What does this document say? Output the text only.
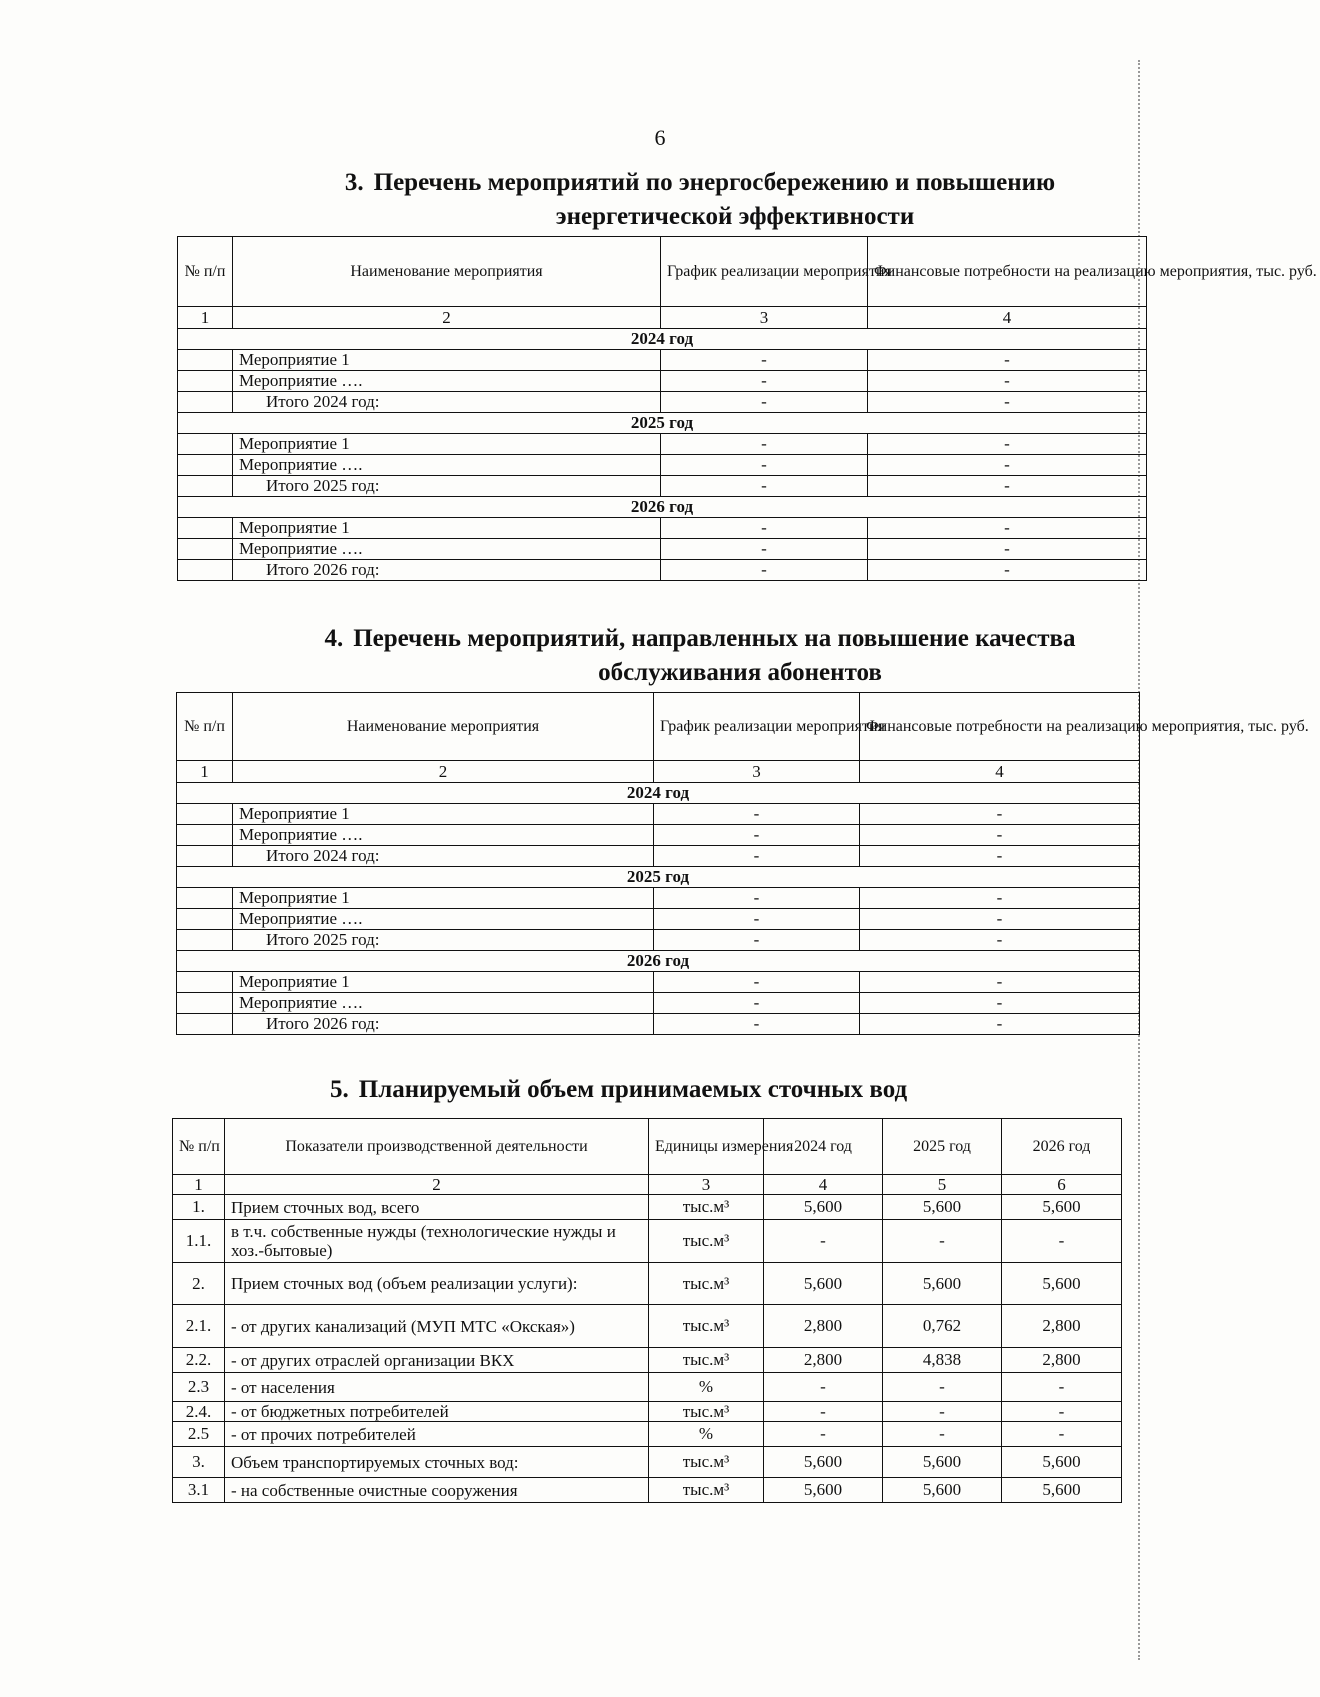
6
3. Перечень мероприятий по энергосбережению и повышению
энергетической эффективности
№ п/п	Наименование мероприятия	График реализации мероприятия	Финансовые потребности на реализацию мероприятия, тыс. руб.
1	2	3	4
2024 год			
	Мероприятие 1	-	-
	Мероприятие ….	-	-
	Итого 2024 год:	-	-
2025 год			
	Мероприятие 1	-	-
	Мероприятие ….	-	-
	Итого 2025 год:	-	-
2026 год			
	Мероприятие 1	-	-
	Мероприятие ….	-	-
	Итого 2026 год:	-	-
4. Перечень мероприятий, направленных на повышение качества
обслуживания абонентов
№ п/п	Наименование мероприятия	График реализации мероприятия	Финансовые потребности на реализацию мероприятия, тыс. руб.
1	2	3	4
2024 год			
	Мероприятие 1	-	-
	Мероприятие ….	-	-
	Итого 2024 год:	-	-
2025 год			
	Мероприятие 1	-	-
	Мероприятие ….	-	-
	Итого 2025 год:	-	-
2026 год			
	Мероприятие 1	-	-
	Мероприятие ….	-	-
	Итого 2026 год:	-	-
5. Планируемый объем принимаемых сточных вод
№ п/п	Показатели производственной деятельности	Единицы измерения	2024 год	2025 год	2026 год
1	2	3	4	5	6
1.	Прием сточных вод, всего	тыс.м³	5,600	5,600	5,600
1.1.	в т.ч. собственные нужды (технологические нужды и хоз.-бытовые)	тыс.м³	-	-	-
2.	Прием сточных вод (объем реализации услуги):	тыс.м³	5,600	5,600	5,600
2.1.	- от других канализаций (МУП МТС «Окская»)	тыс.м³	2,800	0,762	2,800
2.2.	- от других отраслей организации ВКХ	тыс.м³	2,800	4,838	2,800
2.3	- от населения	%	-	-	-
2.4.	- от бюджетных потребителей	тыс.м³	-	-	-
2.5	- от прочих потребителей	%	-	-	-
3.	Объем транспортируемых сточных вод:	тыс.м³	5,600	5,600	5,600
3.1	- на собственные очистные сооружения	тыс.м³	5,600	5,600	5,600
